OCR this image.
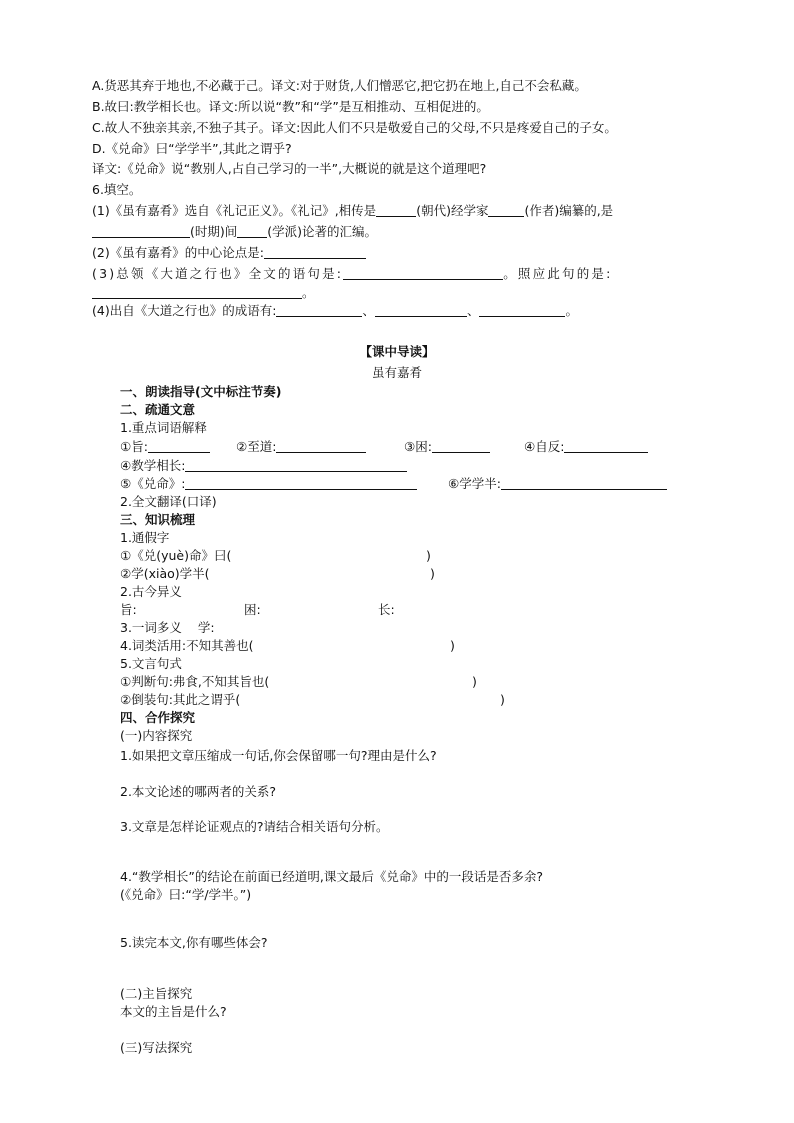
A.货恶其弃于地也,不必藏于己。译文:对于财货,人们憎恶它,把它扔在地上,自己不会私藏。
B.故曰:教学相长也。译文:所以说“教”和“学”是互相推动、互相促进的。
C.故人不独亲其亲,不独子其子。译文:因此人们不只是敬爱自己的父母,不只是疼爱自己的子女。
D.《兑命》曰“学学半”,其此之谓乎?
译文:《兑命》说“教别人,占自己学习的一半”,大概说的就是这个道理吧?
6.填空。
(1)《虽有嘉肴》选自《礼记正义》。《礼记》,相传是	(朝代)经学家	(作者)编纂的,是
(时期)间 (学派)论著的汇编。
(2)《虽有嘉肴》的中心论点是:
(3)总领《大道之行也》全文的语句是:	。照应此句的是:
。
(4)出自《大道之行也》的成语有:	、	、	。
【课中导读】
虽有嘉肴
一、朗读指导(文中标注节奏)
二、疏通文意
1.重点词语解释
①旨:	②至道:	③困:	④自反:
④教学相长:
⑤《兑命》:	⑥学学半:
2.全文翻译(口译)
三、知识梳理
1.通假字
①《兑(yuè)命》曰(	)
②学(xiào)学半(	)
2.古今异义
旨:	困:	长:
3.一词多义    学:
4.词类活用:不知其善也(	)
5.文言句式
①判断句:弗食,不知其旨也(	)
②倒装句:其此之谓乎(	)
四、合作探究
(一)内容探究
1.如果把文章压缩成一句话,你会保留哪一句?理由是什么?
2.本文论述的哪两者的关系?
3.文章是怎样论证观点的?请结合相关语句分析。
4.“教学相长”的结论在前面已经道明,课文最后《兑命》中的一段话是否多余?
(《兑命》曰:“学/学半。”)
5.读完本文,你有哪些体会?
(二)主旨探究
本文的主旨是什么?
(三)写法探究
